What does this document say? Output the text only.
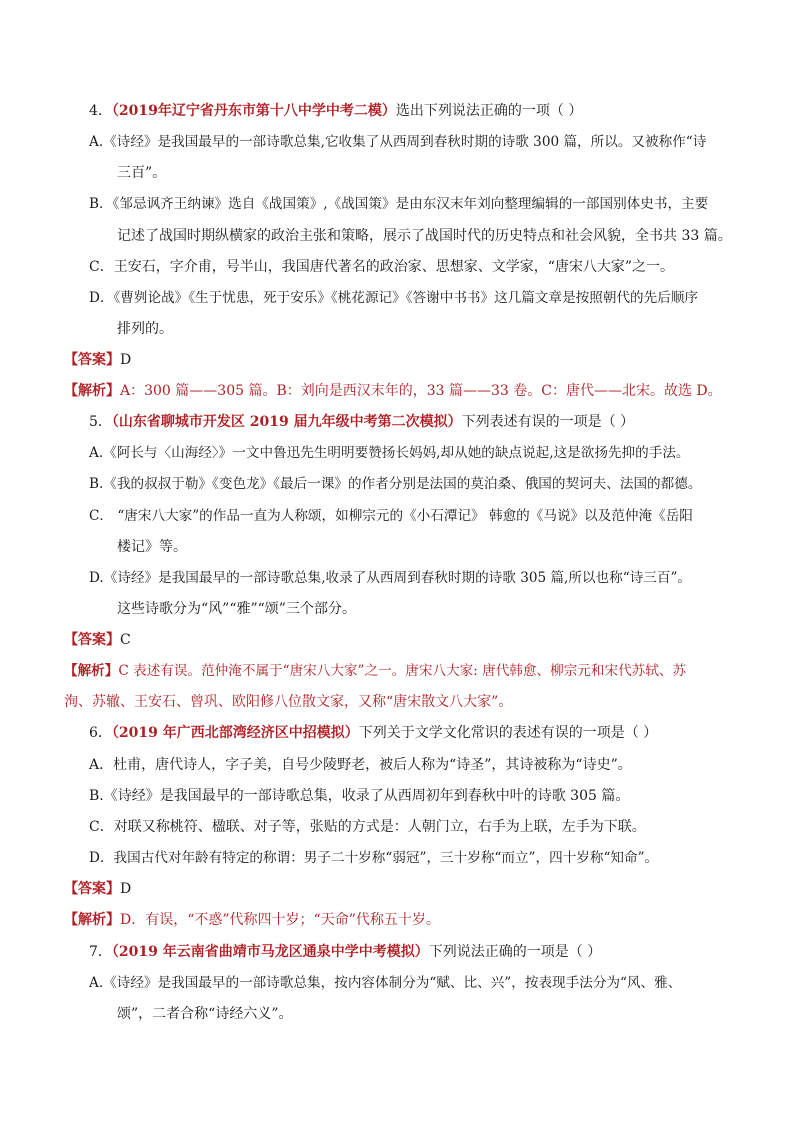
4．（2019年辽宁省丹东市第十八中学中考二模）选出下列说法正确的一项（ ）
A.《诗经》是我国最早的一部诗歌总集,它收集了从西周到春秋时期的诗歌 300 篇，所以。又被称作“诗
三百”。
B．《邹忌讽齐王纳谏》选自《战国策》,《战国策》是由东汉末年刘向整理编辑的一部国别体史书，主要
记述了战国时期纵横家的政治主张和策略，展示了战国时代的历史特点和社会风貌，全书共 33 篇。
C．王安石，字介甫，号半山，我国唐代著名的政治家、思想家、文学家，“唐宋八大家”之一。
D．《曹刿论战》《生于忧患，死于安乐》《桃花源记》《答谢中书书》这几篇文章是按照朝代的先后顺序
排列的。
【答案】D
【解析】A：300 篇——305 篇。B：刘向是西汉末年的，33 篇——33 卷。C：唐代——北宋。故选 D。
5．（山东省聊城市开发区 2019 届九年级中考第二次模拟）下列表述有误的一项是（ ）
A.《阿长与〈山海经〉》一文中鲁迅先生明明要赞扬长妈妈,却从她的缺点说起,这是欲扬先抑的手法。
B.《我的叔叔于勒》《变色龙》《最后一课》的作者分别是法国的莫泊桑、俄国的契诃夫、法国的都德。
C． “唐宋八大家”的作品一直为人称颂，如柳宗元的《小石潭记》 韩愈的《马说》以及范仲淹《岳阳
楼记》等。
D.《诗经》是我国最早的一部诗歌总集,收录了从西周到春秋时期的诗歌 305 篇,所以也称“诗三百”。
这些诗歌分为“风”“雅”“颂”三个部分。
【答案】C
【解析】C 表述有误。范仲淹不属于“唐宋八大家”之一。唐宋八大家: 唐代韩愈、柳宗元和宋代苏轼、苏
洵、苏辙、王安石、曾巩、欧阳修八位散文家，又称“唐宋散文八大家”。
6．（2019 年广西北部湾经济区中招模拟）下列关于文学文化常识的表述有误的一项是（ ）
A．杜甫，唐代诗人，字子美，自号少陵野老，被后人称为“诗圣”，其诗被称为“诗史”。
B.《诗经》是我国最早的一部诗歌总集，收录了从西周初年到春秋中叶的诗歌 305 篇。
C．对联又称桃符、楹联、对子等，张贴的方式是：人朝门立，右手为上联，左手为下联。
D．我国古代对年龄有特定的称谓：男子二十岁称“弱冠”，三十岁称“而立”，四十岁称“知命”。
【答案】D
【解析】D．有误，“不惑”代称四十岁；“天命”代称五十岁。
7．（2019 年云南省曲靖市马龙区通泉中学中考模拟）下列说法正确的一项是（ ）
A.《诗经》是我国最早的一部诗歌总集，按内容体制分为“赋、比、兴”，按表现手法分为“风、雅、
颂”，二者合称“诗经六义”。
